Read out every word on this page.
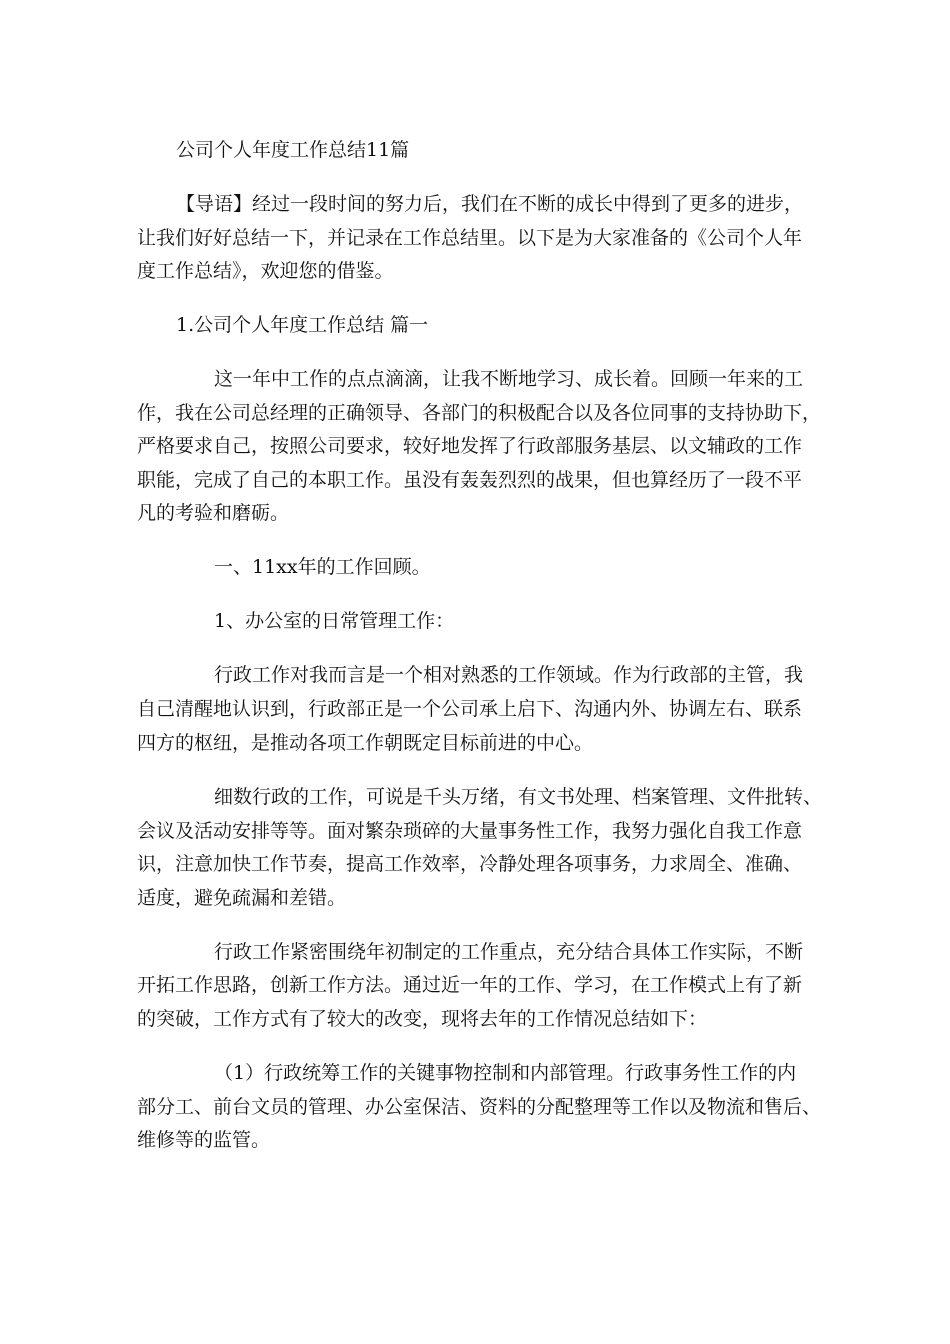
公司个人年度工作总结11篇
【导语】经过一段时间的努力后，我们在不断的成长中得到了更多的进步，
让我们好好总结一下，并记录在工作总结里。以下是为大家准备的《公司个人年
度工作总结》，欢迎您的借鉴。
1.公司个人年度工作总结 篇一
这一年中工作的点点滴滴，让我不断地学习、成长着。回顾一年来的工
作，我在公司总经理的正确领导、各部门的积极配合以及各位同事的支持协助下，
严格要求自己，按照公司要求，较好地发挥了行政部服务基层、以文辅政的工作
职能，完成了自己的本职工作。虽没有轰轰烈烈的战果，但也算经历了一段不平
凡的考验和磨砺。
一、11xx年的工作回顾。
1、办公室的日常管理工作：
行政工作对我而言是一个相对熟悉的工作领域。作为行政部的主管，我
自己清醒地认识到，行政部正是一个公司承上启下、沟通内外、协调左右、联系
四方的枢纽，是推动各项工作朝既定目标前进的中心。
细数行政的工作，可说是千头万绪，有文书处理、档案管理、文件批转、
会议及活动安排等等。面对繁杂琐碎的大量事务性工作，我努力强化自我工作意
识，注意加快工作节奏，提高工作效率，冷静处理各项事务，力求周全、准确、
适度，避免疏漏和差错。
行政工作紧密围绕年初制定的工作重点，充分结合具体工作实际，不断
开拓工作思路，创新工作方法。通过近一年的工作、学习，在工作模式上有了新
的突破，工作方式有了较大的改变，现将去年的工作情况总结如下：
（1）行政统筹工作的关键事物控制和内部管理。行政事务性工作的内
部分工、前台文员的管理、办公室保洁、资料的分配整理等工作以及物流和售后、
维修等的监管。
